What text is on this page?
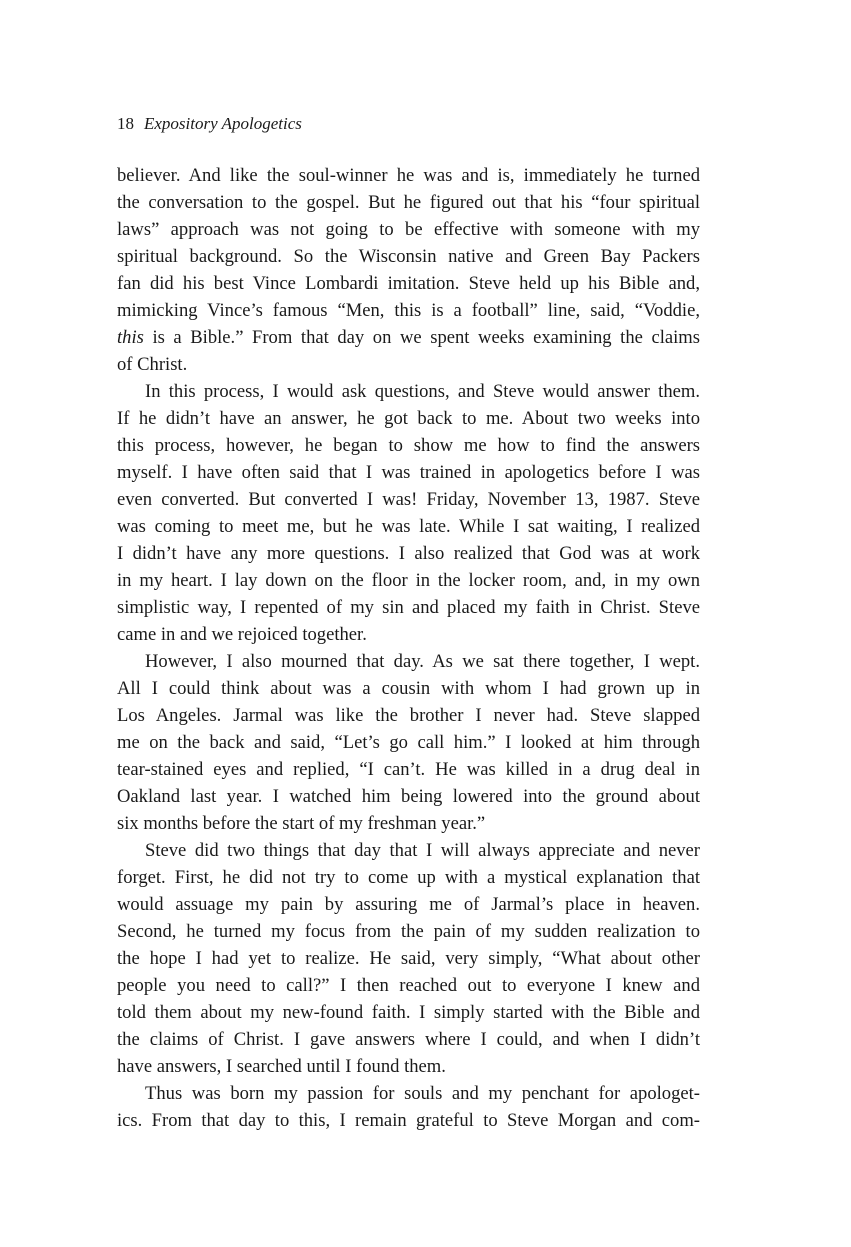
18 Expository Apologetics

believer. And like the soul-winner he was and is, immediately he turned
the conversation to the gospel. But he figured out that his “four spiritual
laws” approach was not going to be effective with someone with my
spiritual background. So the Wisconsin native and Green Bay Packers
fan did his best Vince Lombardi imitation. Steve held up his Bible and,
mimicking Vince’s famous “Men, this is a football” line, said, “Voddie,
this is a Bible.” From that day on we spent weeks examining the claims
of Christ.

In this process, I would ask questions, and Steve would answer them.
If he didn’t have an answer, he got back to me. About two weeks into
this process, however, he began to show me how to find the answers
myself. I have often said that I was trained in apologetics before I was
even converted. But converted I was! Friday, November 13, 1987. Steve
was coming to meet me, but he was late. While I sat waiting, I realized
I didn’t have any more questions. I also realized that God was at work
in my heart. I lay down on the floor in the locker room, and, in my own
simplistic way, I repented of my sin and placed my faith in Christ. Steve
came in and we rejoiced together.

However, I also mourned that day. As we sat there together, I wept.
All I could think about was a cousin with whom I had grown up in
Los Angeles. Jarmal was like the brother I never had. Steve slapped
me on the back and said, “Let’s go call him.” I looked at him through
tear-stained eyes and replied, “I can’t. He was killed in a drug deal in
Oakland last year. I watched him being lowered into the ground about
six months before the start of my freshman year.”

Steve did two things that day that I will always appreciate and never
forget. First, he did not try to come up with a mystical explanation that
would assuage my pain by assuring me of Jarmal’s place in heaven.
Second, he turned my focus from the pain of my sudden realization to
the hope I had yet to realize. He said, very simply, “What about other
people you need to call?” I then reached out to everyone I knew and
told them about my new-found faith. I simply started with the Bible and
the claims of Christ. I gave answers where I could, and when I didn’t
have answers, I searched until I found them.

Thus was born my passion for souls and my penchant for apologet-
ics. From that day to this, I remain grateful to Steve Morgan and com-
